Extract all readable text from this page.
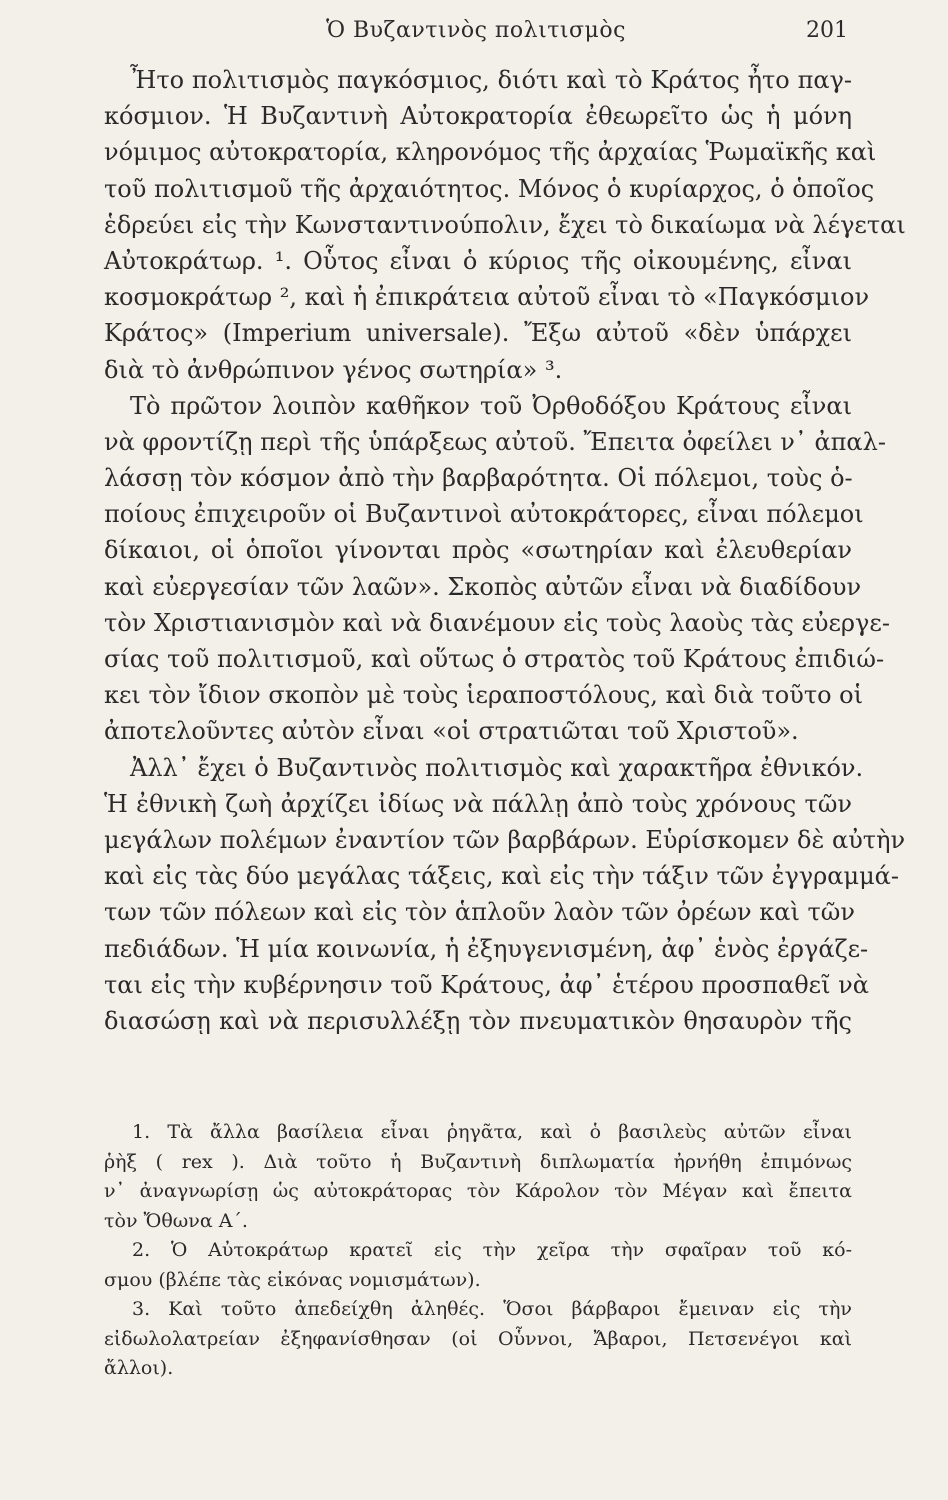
Ὁ Βυζαντινὸς πολιτισμὸς	201
Ἦτο πολιτισμὸς παγκόσμιος, διότι καὶ τὸ Κράτος ἦτο παγ-
κόσμιον. Ἡ Βυζαντινὴ Αὐτοκρατορία ἐθεωρεῖτο ὡς ἡ μόνη
νόμιμος αὐτοκρατορία, κληρονόμος τῆς ἀρχαίας Ῥωμαϊκῆς καὶ
τοῦ πολιτισμοῦ τῆς ἀρχαιότητος. Μόνος ὁ κυρίαρχος, ὁ ὁποῖος
ἑδρεύει εἰς τὴν Κωνσταντινούπολιν, ἔχει τὸ δικαίωμα νὰ λέγεται
Αὐτοκράτωρ. ¹. Οὗτος εἶναι ὁ κύριος τῆς οἰκουμένης, εἶναι
κοσμοκράτωρ ², καὶ ἡ ἐπικράτεια αὐτοῦ εἶναι τὸ «Παγκόσμιον
Κράτος» (Imperium universale). Ἔξω αὐτοῦ «δὲν ὑπάρχει
διὰ τὸ ἀνθρώπινον γένος σωτηρία» ³.
Τὸ πρῶτον λοιπὸν καθῆκον τοῦ Ὀρθοδόξου Κράτους εἶναι
νὰ φροντίζῃ περὶ τῆς ὑπάρξεως αὐτοῦ. Ἔπειτα ὀφείλει ν᾿ ἀπαλ-
λάσσῃ τὸν κόσμον ἀπὸ τὴν βαρβαρότητα. Οἱ πόλεμοι, τοὺς ὁ-
ποίους ἐπιχειροῦν οἱ Βυζαντινοὶ αὐτοκράτορες, εἶναι πόλεμοι
δίκαιοι, οἱ ὁποῖοι γίνονται πρὸς «σωτηρίαν καὶ ἐλευθερίαν
καὶ εὐεργεσίαν τῶν λαῶν». Σκοπὸς αὐτῶν εἶναι νὰ διαδίδουν
τὸν Χριστιανισμὸν καὶ νὰ διανέμουν εἰς τοὺς λαοὺς τὰς εὐεργε-
σίας τοῦ πολιτισμοῦ, καὶ οὕτως ὁ στρατὸς τοῦ Κράτους ἐπιδιώ-
κει τὸν ἴδιον σκοπὸν μὲ τοὺς ἱεραποστόλους, καὶ διὰ τοῦτο οἱ
ἀποτελοῦντες αὐτὸν εἶναι «οἱ στρατιῶται τοῦ Χριστοῦ».
Ἀλλ᾿ ἔχει ὁ Βυζαντινὸς πολιτισμὸς καὶ χαρακτῆρα ἐθνικόν.
Ἡ ἐθνικὴ ζωὴ ἀρχίζει ἰδίως νὰ πάλλῃ ἀπὸ τοὺς χρόνους τῶν
μεγάλων πολέμων ἐναντίον τῶν βαρβάρων. Εὑρίσκομεν δὲ αὐτὴν
καὶ εἰς τὰς δύο μεγάλας τάξεις, καὶ εἰς τὴν τάξιν τῶν ἐγγραμμά-
των τῶν πόλεων καὶ εἰς τὸν ἁπλοῦν λαὸν τῶν ὀρέων καὶ τῶν
πεδιάδων. Ἡ μία κοινωνία, ἡ ἐξηυγενισμένη, ἀφ᾿ ἑνὸς ἐργάζε-
ται εἰς τὴν κυβέρνησιν τοῦ Κράτους, ἀφ᾿ ἑτέρου προσπαθεῖ νὰ
διασώσῃ καὶ νὰ περισυλλέξῃ τὸν πνευματικὸν θησαυρὸν τῆς
1. Τὰ ἄλλα βασίλεια εἶναι ῥηγᾶτα, καὶ ὁ βασιλεὺς αὐτῶν εἶναι
ῥὴξ ( rex ). Διὰ τοῦτο ἡ Βυζαντινὴ διπλωματία ἠρνήθη ἐπιμόνως
ν᾿ ἀναγνωρίσῃ ὡς αὐτοκράτορας τὸν Κάρολον τὸν Μέγαν καὶ ἔπειτα
τὸν Ὄθωνα Α΄.
2. Ὁ Αὐτοκράτωρ κρατεῖ εἰς τὴν χεῖρα τὴν σφαῖραν τοῦ κό-
σμου (βλέπε τὰς εἰκόνας νομισμάτων).
3. Καὶ τοῦτο ἀπεδείχθη ἀληθές. Ὅσοι βάρβαροι ἔμειναν εἰς τὴν
εἰδωλολατρείαν ἐξηφανίσθησαν (οἱ Οὗννοι, Ἄβαροι, Πετσενέγοι καὶ
ἄλλοι).
